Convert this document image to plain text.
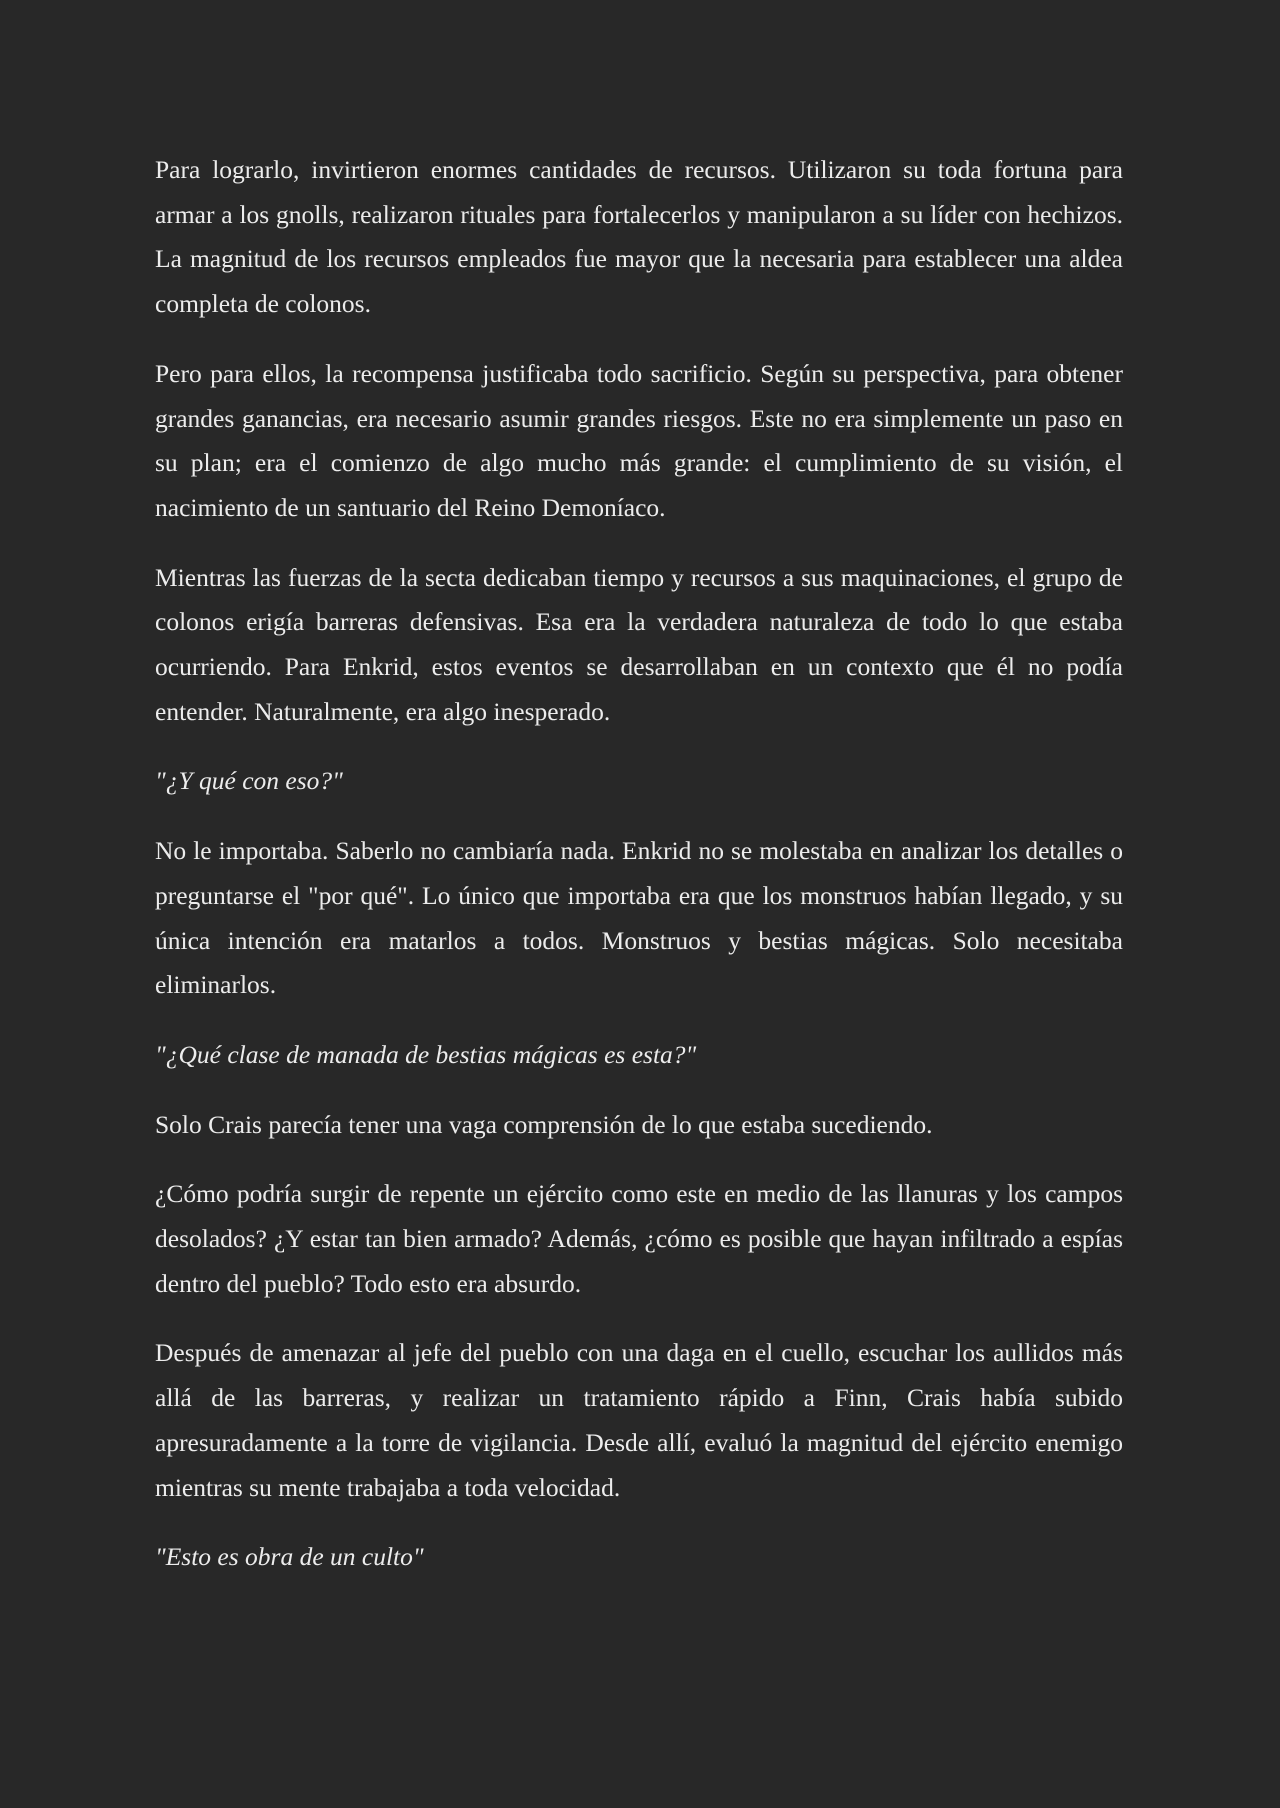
Para lograrlo, invirtieron enormes cantidades de recursos. Utilizaron su toda fortuna para armar a los gnolls, realizaron rituales para fortalecerlos y manipularon a su líder con hechizos. La magnitud de los recursos empleados fue mayor que la necesaria para establecer una aldea completa de colonos.

Pero para ellos, la recompensa justificaba todo sacrificio. Según su perspectiva, para obtener grandes ganancias, era necesario asumir grandes riesgos. Este no era simplemente un paso en su plan; era el comienzo de algo mucho más grande: el cumplimiento de su visión, el nacimiento de un santuario del Reino Demoníaco.

Mientras las fuerzas de la secta dedicaban tiempo y recursos a sus maquinaciones, el grupo de colonos erigía barreras defensivas. Esa era la verdadera naturaleza de todo lo que estaba ocurriendo. Para Enkrid, estos eventos se desarrollaban en un contexto que él no podía entender. Naturalmente, era algo inesperado.

"¿Y qué con eso?"

No le importaba. Saberlo no cambiaría nada. Enkrid no se molestaba en analizar los detalles o preguntarse el "por qué". Lo único que importaba era que los monstruos habían llegado, y su única intención era matarlos a todos. Monstruos y bestias mágicas. Solo necesitaba eliminarlos.

"¿Qué clase de manada de bestias mágicas es esta?"

Solo Crais parecía tener una vaga comprensión de lo que estaba sucediendo.

¿Cómo podría surgir de repente un ejército como este en medio de las llanuras y los campos desolados? ¿Y estar tan bien armado? Además, ¿cómo es posible que hayan infiltrado a espías dentro del pueblo? Todo esto era absurdo.

Después de amenazar al jefe del pueblo con una daga en el cuello, escuchar los aullidos más allá de las barreras, y realizar un tratamiento rápido a Finn, Crais había subido apresuradamente a la torre de vigilancia. Desde allí, evaluó la magnitud del ejército enemigo mientras su mente trabajaba a toda velocidad.

"Esto es obra de un culto"
